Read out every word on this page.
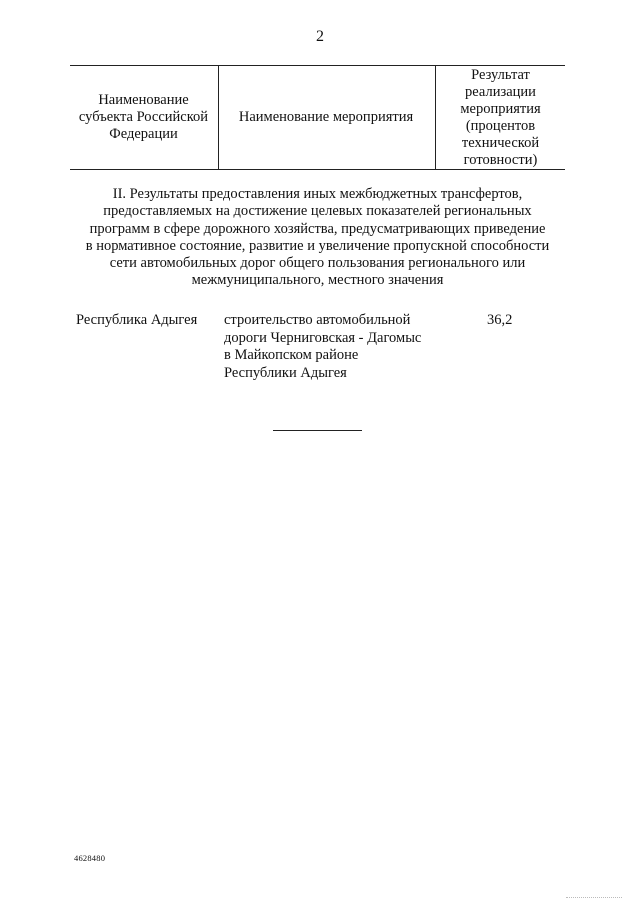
2
Наименование
субъекта Российской
Федерации
Наименование мероприятия
Результат
реализации
мероприятия
(процентов
технической
готовности)
II. Результаты предоставления иных межбюджетных трансфертов,
предоставляемых на достижение целевых показателей региональных
программ в сфере дорожного хозяйства, предусматривающих приведение
в нормативное состояние, развитие и увеличение пропускной способности
сети автомобильных дорог общего пользования регионального или
межмуниципального, местного значения
Республика Адыгея строительство автомобильной
дороги Черниговская - Дагомыс
в Майкопском районе
Республики Адыгея
36,2
4628480
